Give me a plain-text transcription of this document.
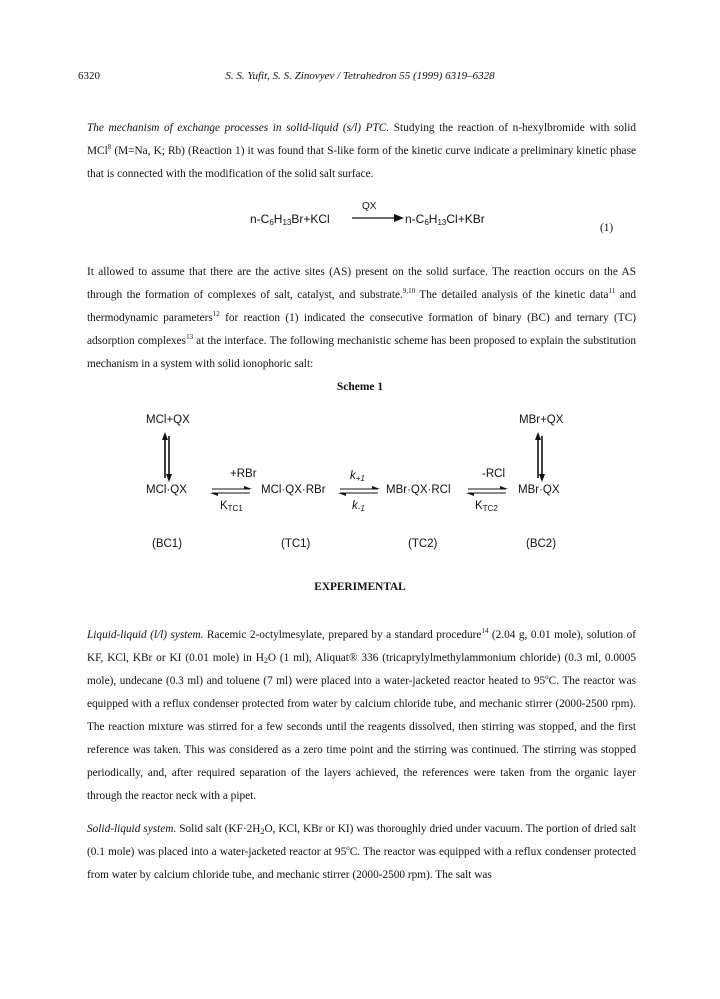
6320	S. S. Yufit, S. S. Zinovyev / Tetrahedron 55 (1999) 6319–6328

The mechanism of exchange processes in solid-liquid (s/l) PTC. Studying the reaction of n-hexylbromide with solid MCl$^8$ (M=Na, K; Rb) (Reaction 1) it was found that S-like form of the kinetic curve indicate a preliminary kinetic phase that is connected with the modification of the solid salt surface.

$n-C_6H_{13}Br+KCl$
QX
$n-C_6H_{13}Cl+KBr$
(1)

It allowed to assume that there are the active sites (AS) present on the solid surface. The reaction occurs on the AS through the formation of complexes of salt, catalyst, and substrate.$^{9,10}$ The detailed analysis of the kinetic data$^{11}$ and thermodynamic parameters$^{12}$ for reaction (1) indicated the consecutive formation of binary (BC) and ternary (TC) adsorption complexes$^{13}$ at the interface. The following mechanistic scheme has been proposed to explain the substitution mechanism in a system with solid ionophoric salt:

Scheme 1
MCl+QX	MBr+QX
+RBr	$k_{+1}$	-RCl
MCl·QX	MCl·QX·RBr	MBr·QX·RCl	MBr·QX
$K_{TC1}$	$k_{-1}$	$K_{TC2}$
(BC1)	(TC1)	(TC2)	(BC2)
EXPERIMENTAL

Liquid-liquid (l/l) system. Racemic 2-octylmesylate, prepared by a standard procedure$^{14}$ (2.04 g, 0.01 mole), solution of KF, KCl, KBr or KI (0.01 mole) in $H_2O$ (1 ml), Aliquat® 336 (tricaprylylmethylammonium chloride) (0.3 ml, 0.0005 mole), undecane (0.3 ml) and toluene (7 ml) were placed into a water-jacketed reactor heated to 95$^o$C. The reactor was equipped with a reflux condenser protected from water by calcium chloride tube, and mechanic stirrer (2000-2500 rpm). The reaction mixture was stirred for a few seconds until the reagents dissolved, then stirring was stopped, and the first reference was taken. This was considered as a zero time point and the stirring was continued. The stirring was stopped periodically, and, after required separation of the layers achieved, the references were taken from the organic layer through the reactor neck with a pipet.

Solid-liquid system. Solid salt ($KF\cdot 2H_2O$, KCl, KBr or KI) was thoroughly dried under vacuum. The portion of dried salt (0.1 mole) was placed into a water-jacketed reactor at 95$^o$C. The reactor was equipped with a reflux condenser protected from water by calcium chloride tube, and mechanic stirrer (2000-2500 rpm). The salt was
